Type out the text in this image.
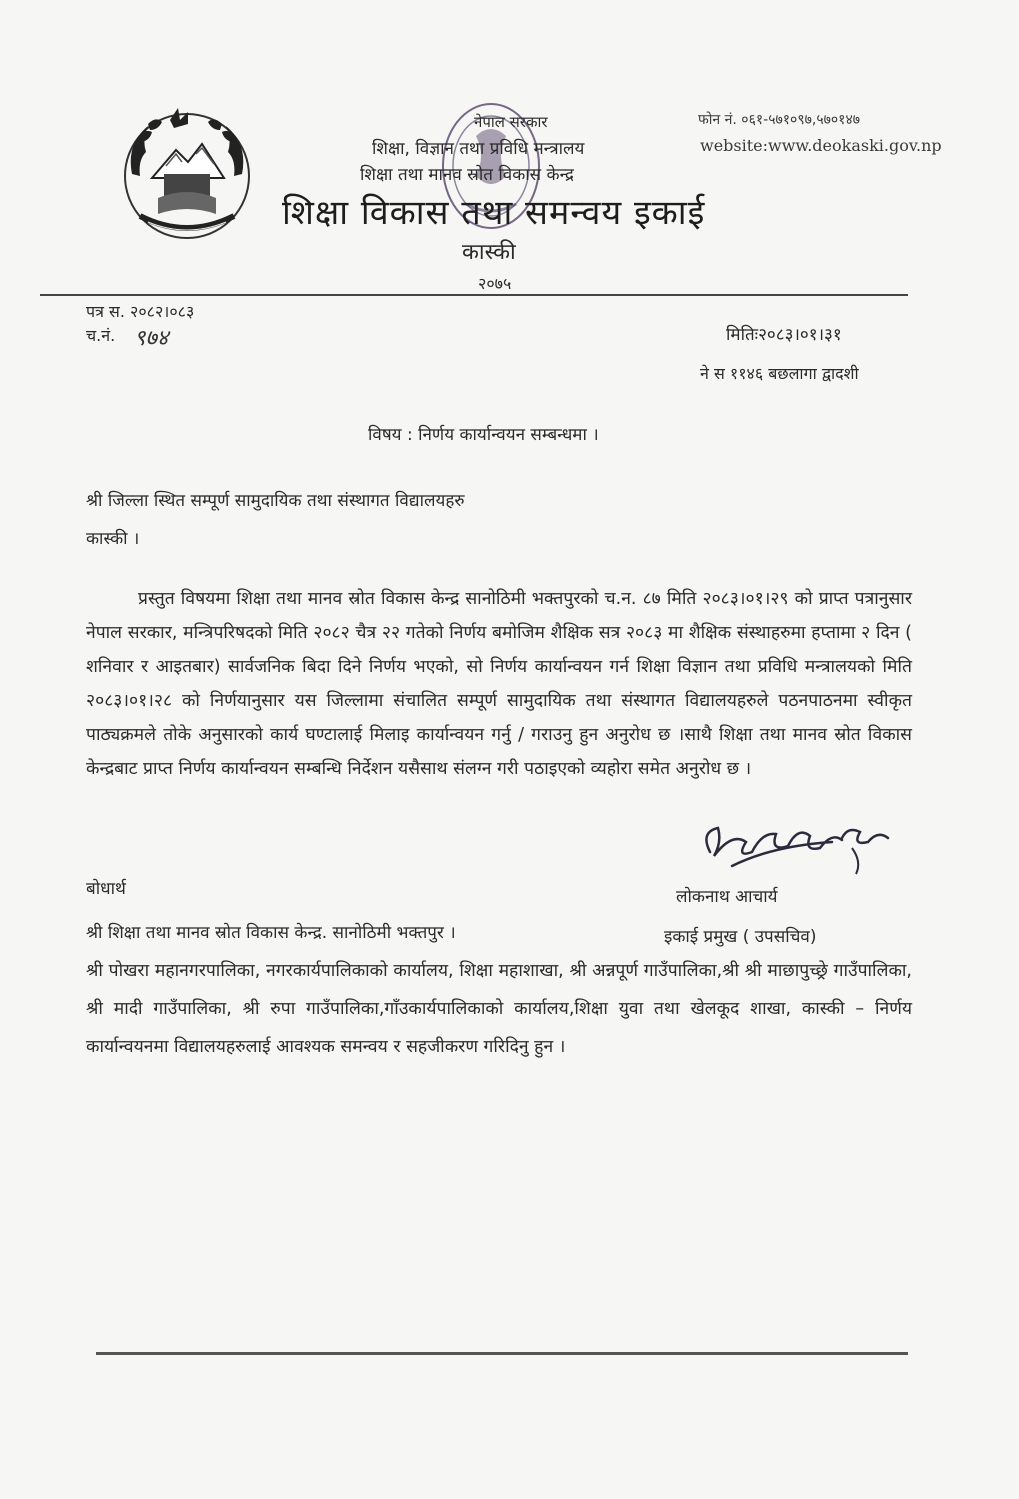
नेपाल सरकार
शिक्षा, विज्ञान तथा प्रविधि मन्त्रालय
शिक्षा तथा मानव स्रोत विकास केन्द्र
शिक्षा विकास तथा समन्वय इकाई
कास्की
२०७५
फोन नं. ०६१-५७१०९७,५७०१४७
website:www.deokaski.gov.np
पत्र स. २०८२।०८३
च.नं. ९७४	मितिः२०८३।०१।३१
ने स ११४६ बछलागा द्वादशी
विषय : निर्णय कार्यान्वयन सम्बन्धमा ।
श्री जिल्ला स्थित सम्पूर्ण सामुदायिक तथा संस्थागत विद्यालयहरु
कास्की ।
प्रस्तुत विषयमा शिक्षा तथा मानव स्रोत विकास केन्द्र सानोठिमी भक्तपुरको च.न. ८७ मिति २०८३।०१।२९ को प्राप्त पत्रानुसार नेपाल सरकार, मन्त्रिपरिषदको मिति २०८२ चैत्र २२ गतेको निर्णय बमोजिम शैक्षिक सत्र २०८३ मा शैक्षिक संस्थाहरुमा हप्तामा २ दिन ( शनिवार र आइतबार) सार्वजनिक बिदा दिने निर्णय भएको, सो निर्णय कार्यान्वयन गर्न शिक्षा विज्ञान तथा प्रविधि मन्त्रालयको मिति २०८३।०१।२८ को निर्णयानुसार यस जिल्लामा संचालित सम्पूर्ण सामुदायिक तथा संस्थागत विद्यालयहरुले पठनपाठनमा स्वीकृत पाठ्यक्रमले तोके अनुसारको कार्य घण्टालाई मिलाइ कार्यान्वयन गर्नु / गराउनु हुन अनुरोध छ ।साथै शिक्षा तथा मानव स्रोत विकास केन्द्रबाट प्राप्त निर्णय कार्यान्वयन सम्बन्धि निर्देशन यसैसाथ संलग्न गरी पठाइएको व्यहोरा समेत अनुरोध छ ।
लोकनाथ आचार्य
इकाई प्रमुख ( उपसचिव)
बोधार्थ
श्री शिक्षा तथा मानव स्रोत विकास केन्द्र. सानोठिमी भक्तपुर ।
श्री पोखरा महानगरपालिका, नगरकार्यपालिकाको कार्यालय, शिक्षा महाशाखा, श्री अन्नपूर्ण गाउँपालिका,श्री श्री माछापुच्छ्रे गाउँपालिका, श्री मादी गाउँपालिका, श्री रुपा गाउँपालिका,गाँउकार्यपालिकाको कार्यालय,शिक्षा युवा तथा खेलकूद शाखा, कास्की – निर्णय कार्यान्वयनमा विद्यालयहरुलाई आवश्यक समन्वय र सहजीकरण गरिदिनु हुन ।
